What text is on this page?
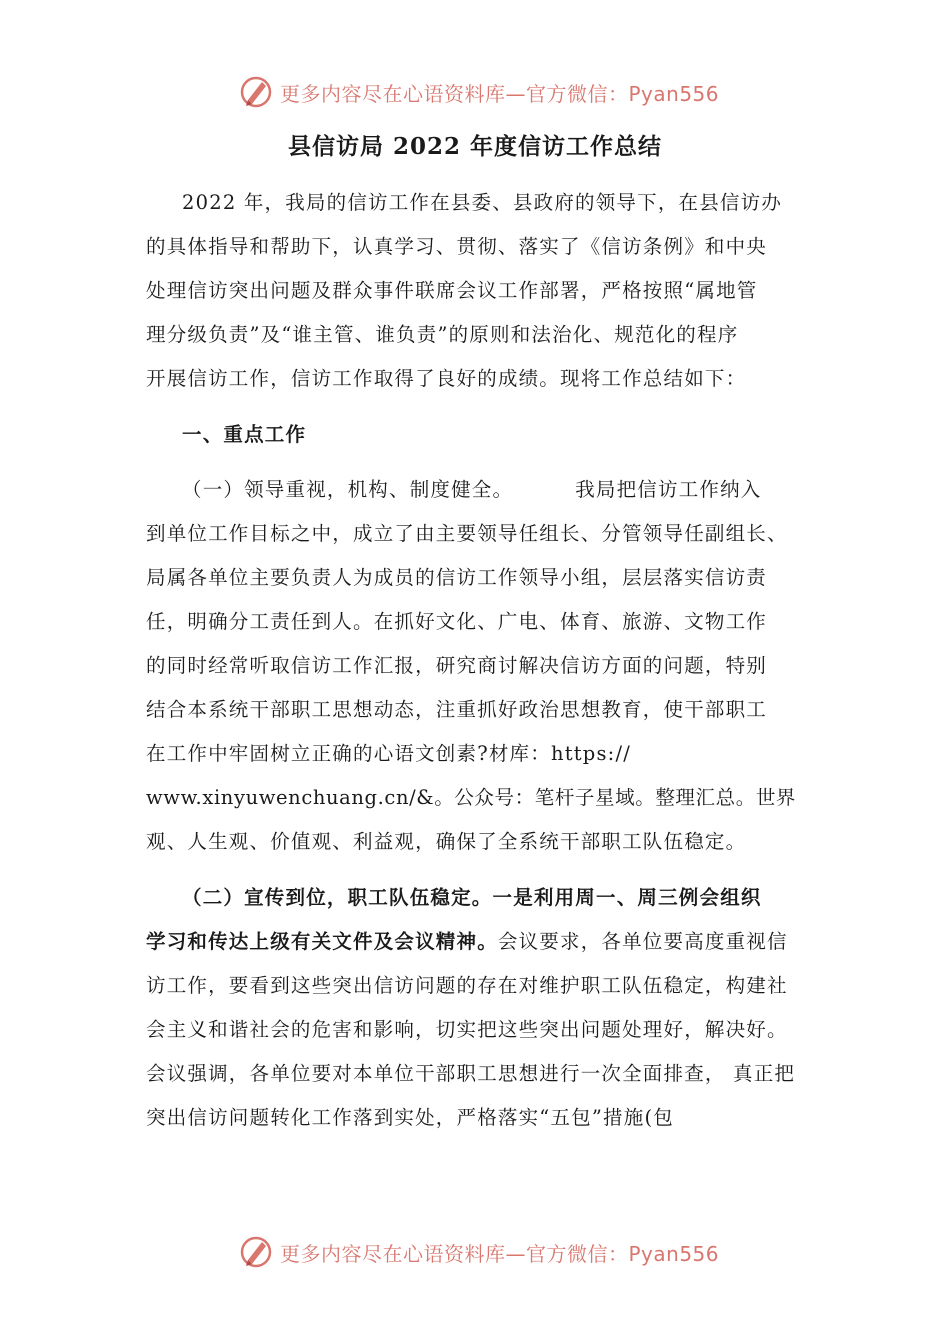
更多内容尽在心语资料库—官方微信：Pyan556
县信访局 2022 年度信访工作总结
2022 年，我局的信访工作在县委、县政府的领导下，在县信访办
的具体指导和帮助下，认真学习、贯彻、落实了《信访条例》和中央
处理信访突出问题及群众事件联席会议工作部署，严格按照“属地管
理分级负责”及“谁主管、谁负责”的原则和法治化、规范化的程序
开展信访工作，信访工作取得了良好的成绩。现将工作总结如下：
一、重点工作
（一）领导重视，机构、制度健全。	我局把信访工作纳入
到单位工作目标之中，成立了由主要领导任组长、分管领导任副组长、
局属各单位主要负责人为成员的信访工作领导小组，层层落实信访责
任，明确分工责任到人。在抓好文化、广电、体育、旅游、文物工作
的同时经常听取信访工作汇报，研究商讨解决信访方面的问题，特别
结合本系统干部职工思想动态，注重抓好政治思想教育，使干部职工
在工作中牢固树立正确的心语文创素?材库：https://
www.xinyuwenchuang.cn/&。公众号：笔杆子星域。整理汇总。世界
观、人生观、价值观、利益观，确保了全系统干部职工队伍稳定。
（二）宣传到位，职工队伍稳定。一是利用周一、周三例会组织
学习和传达上级有关文件及会议精神。会议要求，各单位要高度重视信
访工作，要看到这些突出信访问题的存在对维护职工队伍稳定，构建社
会主义和谐社会的危害和影响，切实把这些突出问题处理好，解决好。
会议强调，各单位要对本单位干部职工思想进行一次全面排查， 真正把
突出信访问题转化工作落到实处，严格落实“五包”措施(包
更多内容尽在心语资料库—官方微信：Pyan556
